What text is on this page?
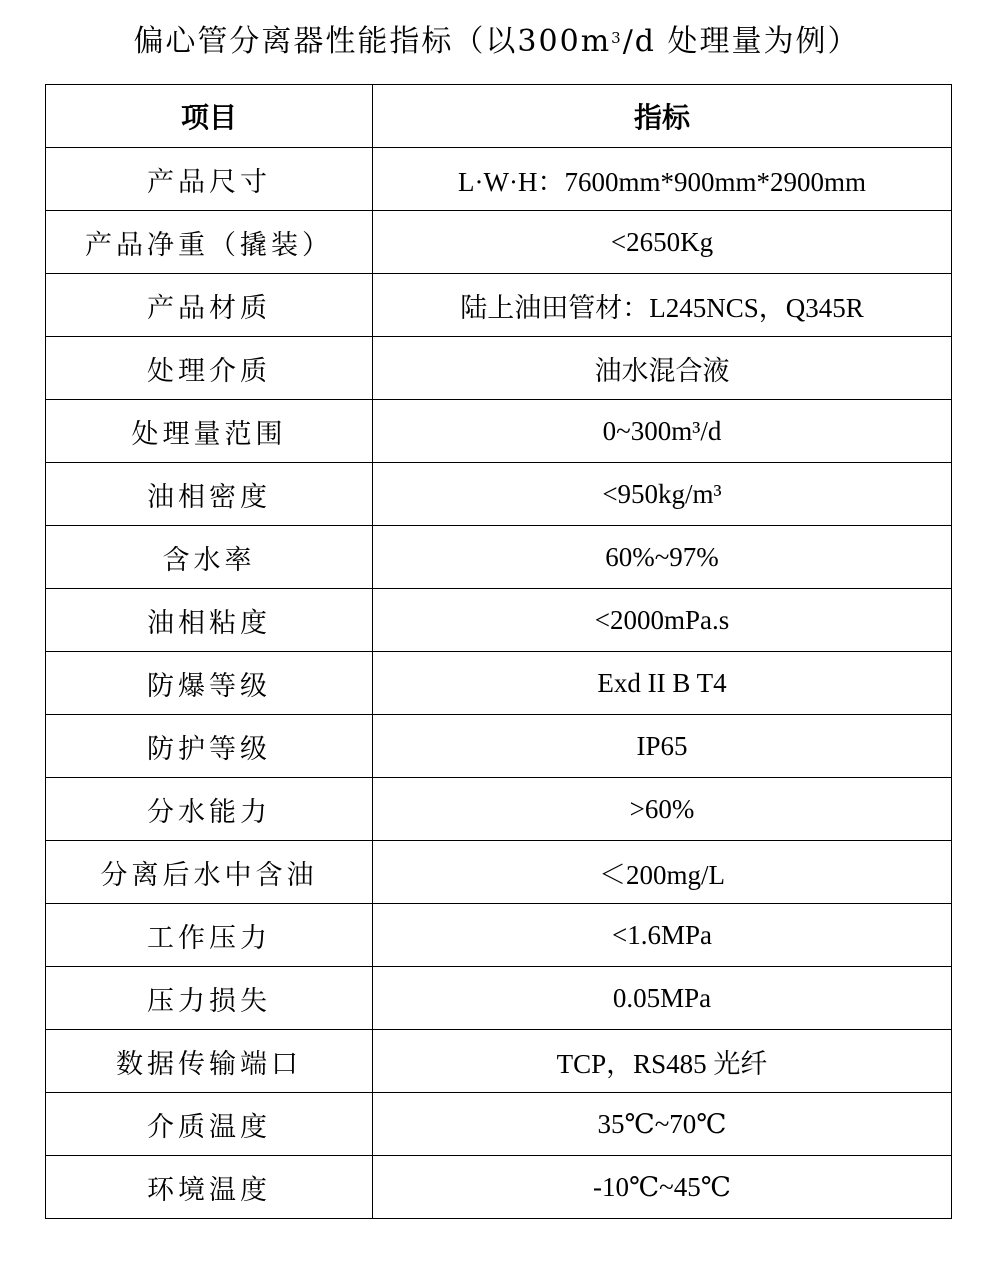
偏心管分离器性能指标（以$300m^3/d$ 处理量为例）
项目	指标
产品尺寸	L·W·H：7600mm*900mm*2900mm
产品净重（撬装）	<2650Kg
产品材质	陆上油田管材：L245NCS，Q345R
处理介质	油水混合液
处理量范围	0~300m³/d
油相密度	<950kg/m³
含水率	60%~97%
油相粘度	<2000mPa.s
防爆等级	Exd II B T4
防护等级	IP65
分水能力	>60%
分离后水中含油	＜200mg/L
工作压力	<1.6MPa
压力损失	0.05MPa
数据传输端口	TCP，RS485 光纤
介质温度	35℃~70℃
环境温度	-10℃~45℃
